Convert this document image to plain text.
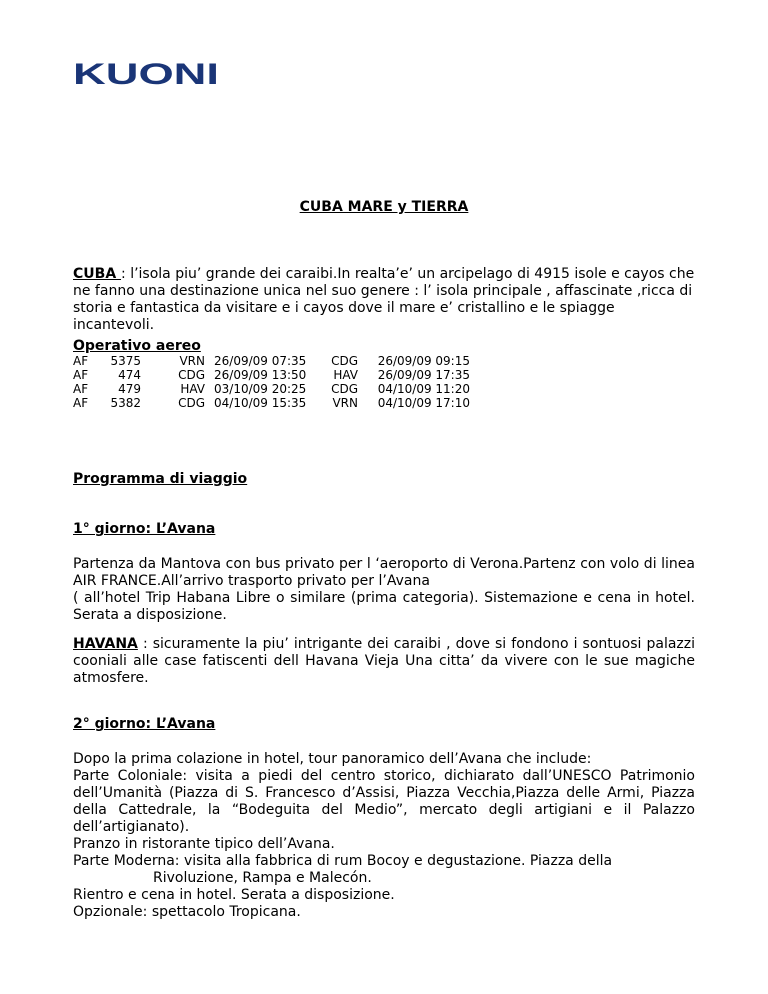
KUONI
CUBA MARE y TIERRA
CUBA : l’isola piu’ grande dei caraibi.In realta’e’ un arcipelago di 4915 isole e cayos che ne fanno una destinazione unica nel suo genere : l’ isola principale , affascinate ,ricca di storia e fantastica da visitare e i cayos dove il mare e’ cristallino e le spiagge incantevoli.
Operativo aereo
AF	5375	VRN 26/09/09 07:35	CDG	26/09/09 09:15
AF	474	CDG 26/09/09 13:50	HAV	26/09/09 17:35
AF	479	HAV 03/10/09 20:25	CDG	04/10/09 11:20
AF	5382	CDG 04/10/09 15:35	VRN	04/10/09 17:10
Programma di viaggio
1° giorno: L’Avana
Partenza da Mantova con bus privato per l ‘aeroporto di Verona.Partenz con volo di linea AIR FRANCE.All’arrivo trasporto privato per l’Avana
( all’hotel Trip Habana Libre o similare (prima categoria). Sistemazione e cena in hotel. Serata a disposizione.
HAVANA : sicuramente la piu’ intrigante dei caraibi , dove si fondono i sontuosi palazzi cooniali alle case fatiscenti dell Havana Vieja Una citta’ da vivere con le sue magiche atmosfere.
2° giorno: L’Avana
Dopo la prima colazione in hotel, tour panoramico dell’Avana che include:
Parte Coloniale: visita a piedi del centro storico, dichiarato dall’UNESCO Patrimonio dell’Umanità (Piazza di S. Francesco d’Assisi, Piazza Vecchia,Piazza delle Armi, Piazza della Cattedrale, la “Bodeguita del Medio”, mercato degli artigiani e il Palazzo dell’artigianato).
Pranzo in ristorante tipico dell’Avana.
Parte Moderna: visita alla fabbrica di rum Bocoy e degustazione. Piazza della
Rivoluzione, Rampa e Malecón.
Rientro e cena in hotel. Serata a disposizione.
Opzionale: spettacolo Tropicana.
